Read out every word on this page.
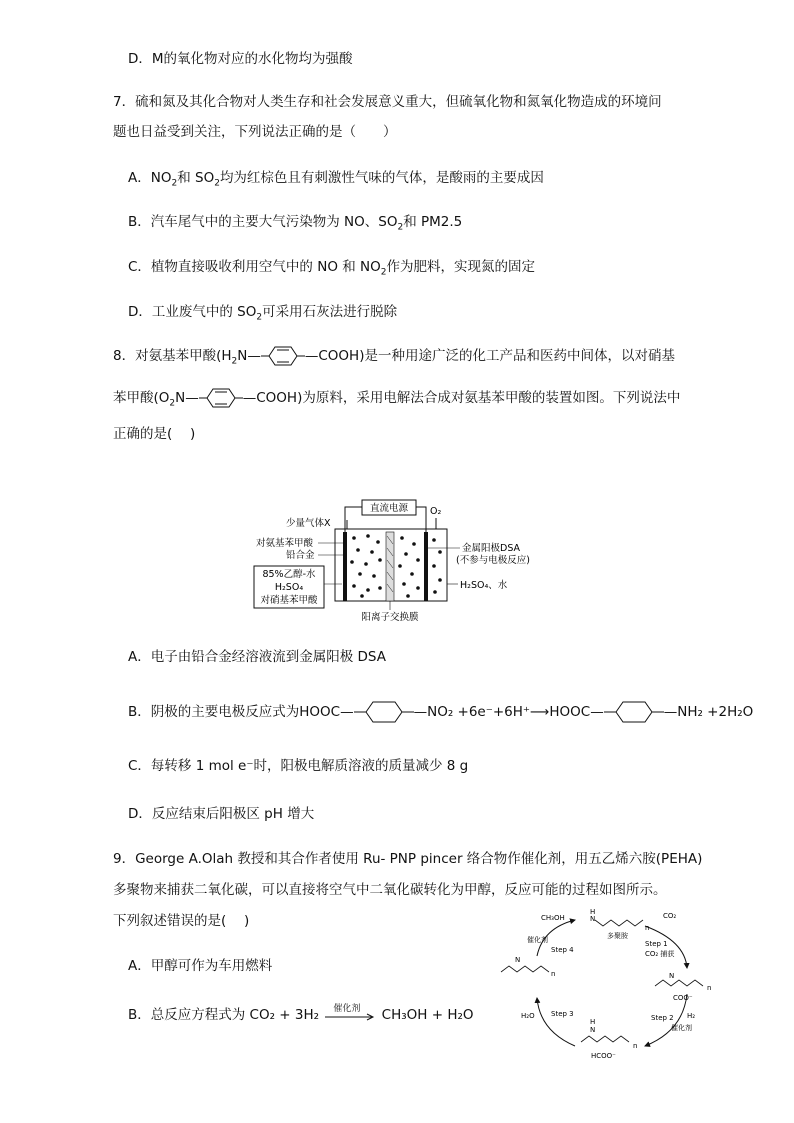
D．M的氧化物对应的水化物均为强酸
7．硫和氮及其化合物对人类生存和社会发展意义重大，但硫氧化物和氮氧化物造成的环境问
题也日益受到关注，下列说法正确的是（　　）
A．$NO_2$和 $SO_2$均为红棕色且有刺激性气味的气体，是酸雨的主要成因
B．汽车尾气中的主要大气污染物为 NO、$SO_2$和 PM2.5
C．植物直接吸收利用空气中的 NO 和 $NO_2$作为肥料，实现氮的固定
D．工业废气中的 $SO_2$可采用石灰法进行脱除
8．对氨基苯甲酸($H_2N—$	—COOH)是一种用途广泛的化工产品和医药中间体，以对硝基
苯甲酸($O_2N—$	—COOH)为原料，采用电解法合成对氨基苯甲酸的装置如图。下列说法中
正确的是(　 )
直流电源 O₂
少量气体X
对氨基苯甲酸
铅合金
85%乙醇-水
H₂SO₄
对硝基苯甲酸
金属阳极DSA
(不参与电极反应)
H₂SO₄、水
阳离子交换膜
A．电子由铅合金经溶液流到金属阳极 DSA
B．阴极的主要电极反应式为HOOC—	—NO₂ +6e⁻+6H⁺⟶HOOC—	—NH₂ +2H₂O
C．每转移 1 mol e⁻时，阳极电解质溶液的质量减少 8 g
D．反应结束后阳极区 pH 增大
9．George A.Olah 教授和其合作者使用 Ru- PNP pincer 络合物作催化剂，用五乙烯六胺(PEHA)
多聚物来捕获二氧化碳，可以直接将空气中二氧化碳转化为甲醇，反应可能的过程如图所示。
下列叙述错误的是(　 )
A．甲醇可作为车用燃料
B．总反应方程式为 CO₂ + 3H₂ 催化剂 CH₃OH + H₂O
H
N
多聚胺
n
CO₂
Step 1
CO₂ 捕获
N
COO⁻
n
Step 2 H₂
催化剂
H
N
HCOO⁻
n
Step 3
H₂O
N
n
Step 4
催化剂
CH₃OH
